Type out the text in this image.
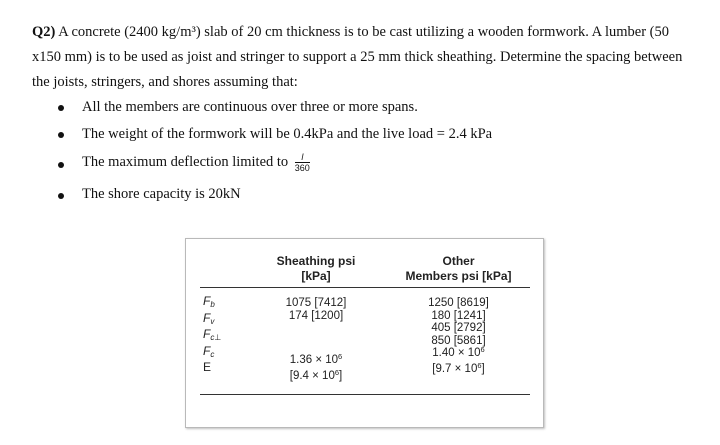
Q2) A concrete (2400 kg/m³) slab of 20 cm thickness is to be cast utilizing a wooden formwork. A lumber (50 x150 mm) is to be used as joist and stringer to support a 25 mm thick sheathing. Determine the spacing between the joists, stringers, and shores assuming that:
All the members are continuous over three or more spans.
The weight of the formwork will be 0.4kPa and the live load = 2.4 kPa
The maximum deflection limited to $\frac{l}{360}$
The shore capacity is 20kN
Sheathing psi
[kPa]
Other
Members psi [kPa]
$F_b$
$F_v$
$F_{c\perp}$
$F_c$
E
1075 [7412]
174 [1200]
$1.36 \times 10^6$
$[9.4 \times 10^6]$
1250 [8619]
180 [1241]
405 [2792]
850 [5861]
$1.40 \times 10^6$
$[9.7 \times 10^6]$
